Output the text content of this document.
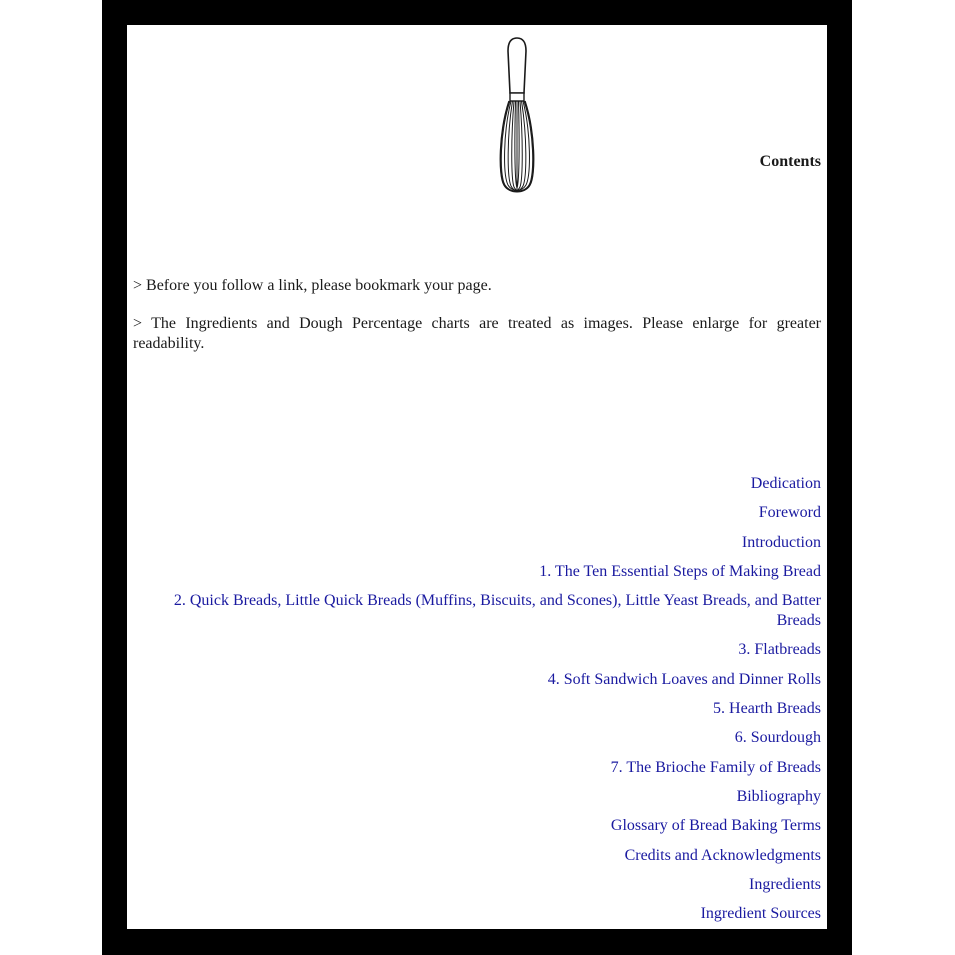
Contents

> Before you follow a link, please bookmark your page.

> The Ingredients and Dough Percentage charts are treated as images. Please enlarge for greater readability.

Dedication
Foreword
Introduction
1. The Ten Essential Steps of Making Bread
2. Quick Breads, Little Quick Breads (Muffins, Biscuits, and Scones), Little Yeast Breads, and Batter Breads
3. Flatbreads
4. Soft Sandwich Loaves and Dinner Rolls
5. Hearth Breads
6. Sourdough
7. The Brioche Family of Breads
Bibliography
Glossary of Bread Baking Terms
Credits and Acknowledgments
Ingredients
Ingredient Sources
